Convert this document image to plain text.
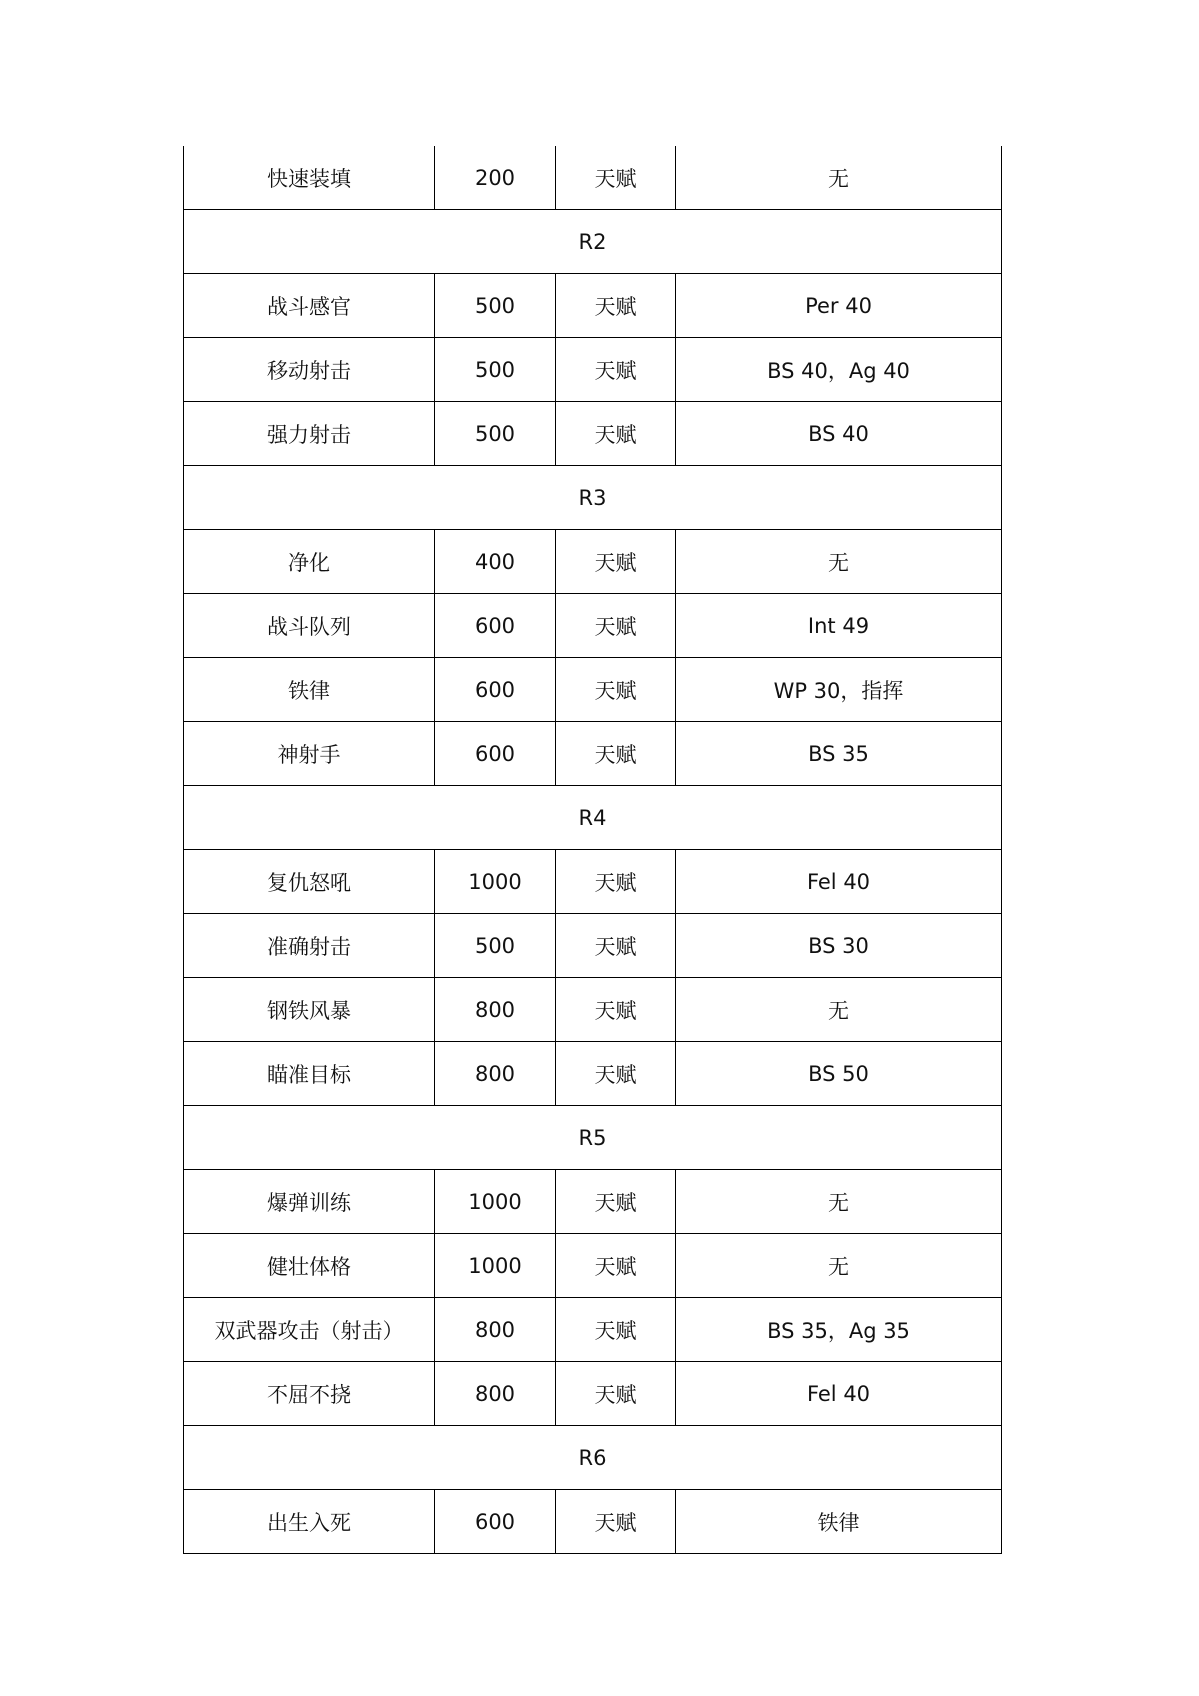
快速装填	200	天赋	无
R2			
战斗感官	500	天赋	Per 40
移动射击	500	天赋	BS 40，Ag 40
强力射击	500	天赋	BS 40
R3			
净化	400	天赋	无
战斗队列	600	天赋	Int 49
铁律	600	天赋	WP 30，指挥
神射手	600	天赋	BS 35
R4			
复仇怒吼	1000	天赋	Fel 40
准确射击	500	天赋	BS 30
钢铁风暴	800	天赋	无
瞄准目标	800	天赋	BS 50
R5			
爆弹训练	1000	天赋	无
健壮体格	1000	天赋	无
双武器攻击（射击）	800	天赋	BS 35，Ag 35
不屈不挠	800	天赋	Fel 40
R6			
出生入死	600	天赋	铁律
